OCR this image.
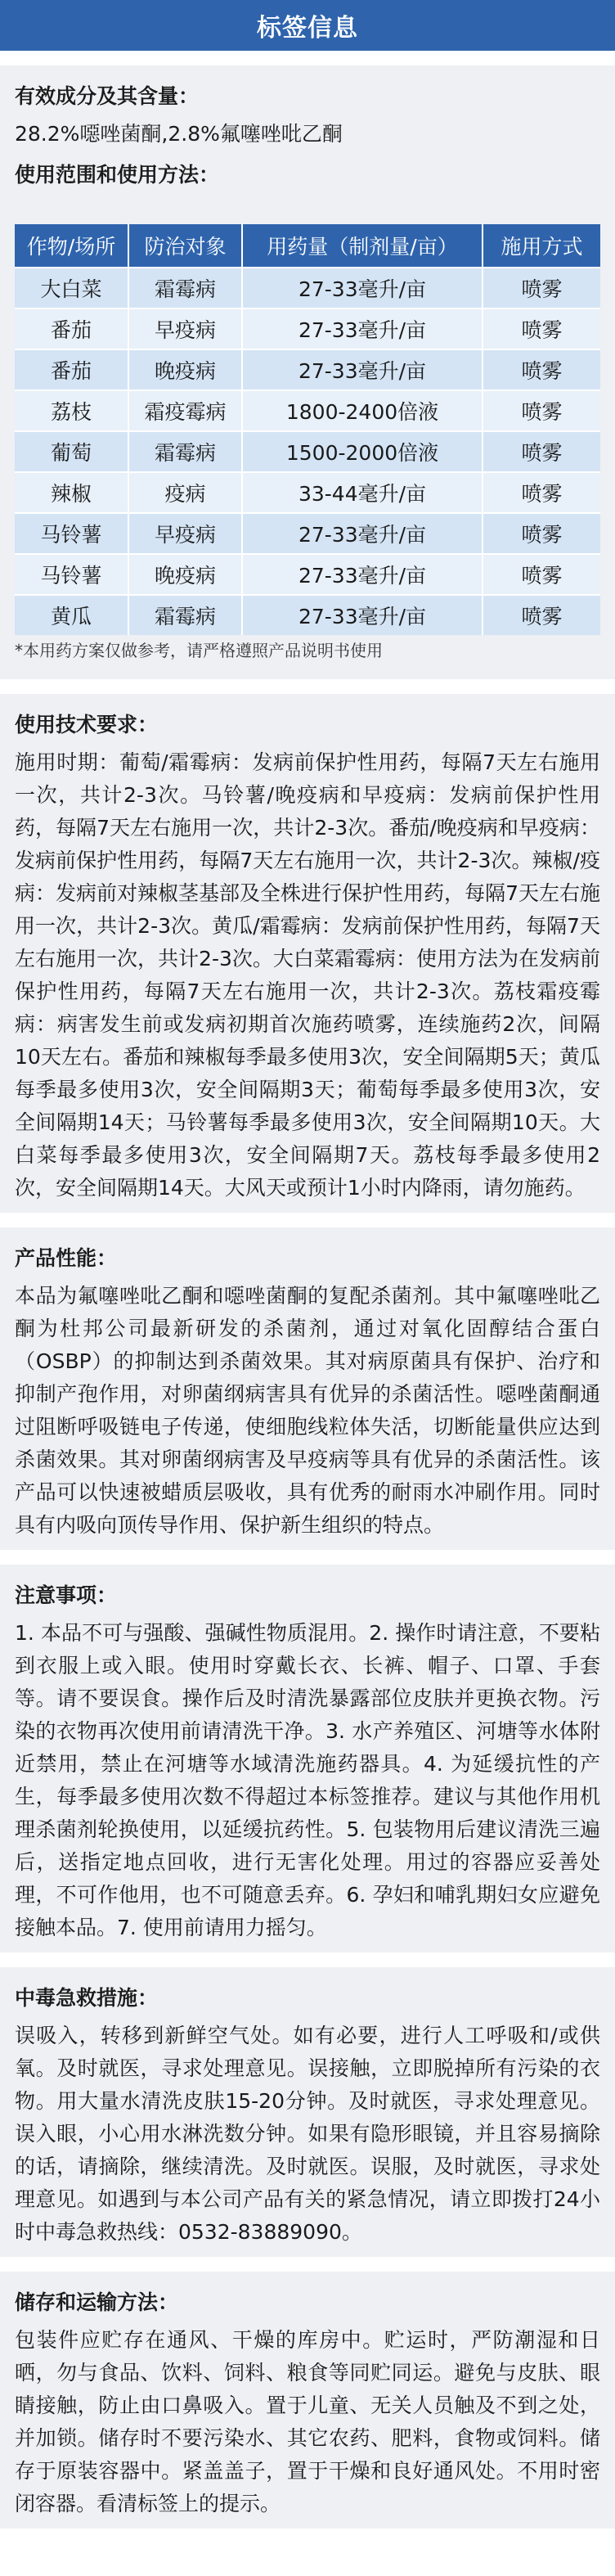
标签信息
有效成分及其含量：
28.2%噁唑菌酮,2.8%氟噻唑吡乙酮
使用范围和使用方法：
作物/场所	防治对象	用药量（制剂量/亩）	施用方式
大白菜	霜霉病	27-33毫升/亩	喷雾
番茄	早疫病	27-33毫升/亩	喷雾
番茄	晚疫病	27-33毫升/亩	喷雾
荔枝	霜疫霉病	1800-2400倍液	喷雾
葡萄	霜霉病	1500-2000倍液	喷雾
辣椒	疫病	33-44毫升/亩	喷雾
马铃薯	早疫病	27-33毫升/亩	喷雾
马铃薯	晚疫病	27-33毫升/亩	喷雾
黄瓜	霜霉病	27-33毫升/亩	喷雾
*本用药方案仅做参考，请严格遵照产品说明书使用
使用技术要求：
施用时期：葡萄/霜霉病：发病前保护性用药，每隔7天左右施用一次，共计2-3次。马铃薯/晚疫病和早疫病：发病前保护性用药，每隔7天左右施用一次，共计2-3次。番茄/晚疫病和早疫病：发病前保护性用药，每隔7天左右施用一次，共计2-3次。辣椒/疫病：发病前对辣椒茎基部及全株进行保护性用药，每隔7天左右施用一次，共计2-3次。黄瓜/霜霉病：发病前保护性用药，每隔7天左右施用一次，共计2-3次。大白菜霜霉病：使用方法为在发病前保护性用药，每隔7天左右施用一次，共计2-3次。荔枝霜疫霉病：病害发生前或发病初期首次施药喷雾，连续施药2次，间隔10天左右。番茄和辣椒每季最多使用3次，安全间隔期5天；黄瓜每季最多使用3次，安全间隔期3天；葡萄每季最多使用3次，安全间隔期14天；马铃薯每季最多使用3次，安全间隔期10天。大白菜每季最多使用3次，安全间隔期7天。荔枝每季最多使用2次，安全间隔期14天。大风天或预计1小时内降雨，请勿施药。
产品性能：
本品为氟噻唑吡乙酮和噁唑菌酮的复配杀菌剂。其中氟噻唑吡乙酮为杜邦公司最新研发的杀菌剂，通过对氧化固醇结合蛋白（OSBP）的抑制达到杀菌效果。其对病原菌具有保护、治疗和抑制产孢作用，对卵菌纲病害具有优异的杀菌活性。噁唑菌酮通过阻断呼吸链电子传递，使细胞线粒体失活，切断能量供应达到杀菌效果。其对卵菌纲病害及早疫病等具有优异的杀菌活性。该产品可以快速被蜡质层吸收，具有优秀的耐雨水冲刷作用。同时具有内吸向顶传导作用、保护新生组织的特点。
注意事项：
1. 本品不可与强酸、强碱性物质混用。2. 操作时请注意，不要粘到衣服上或入眼。使用时穿戴长衣、长裤、帽子、口罩、手套等。请不要误食。操作后及时清洗暴露部位皮肤并更换衣物。污染的衣物再次使用前请清洗干净。3. 水产养殖区、河塘等水体附近禁用，禁止在河塘等水域清洗施药器具。4. 为延缓抗性的产生，每季最多使用次数不得超过本标签推荐。建议与其他作用机理杀菌剂轮换使用，以延缓抗药性。5. 包装物用后建议清洗三遍后，送指定地点回收，进行无害化处理。用过的容器应妥善处理，不可作他用，也不可随意丢弃。6. 孕妇和哺乳期妇女应避免接触本品。7. 使用前请用力摇匀。
中毒急救措施：
误吸入，转移到新鲜空气处。如有必要，进行人工呼吸和/或供氧。及时就医，寻求处理意见。误接触，立即脱掉所有污染的衣物。用大量水清洗皮肤15-20分钟。及时就医，寻求处理意见。误入眼，小心用水淋洗数分钟。如果有隐形眼镜，并且容易摘除的话，请摘除，继续清洗。及时就医。误服，及时就医，寻求处理意见。如遇到与本公司产品有关的紧急情况，请立即拨打24小时中毒急救热线：0532-83889090。
储存和运输方法：
包装件应贮存在通风、干燥的库房中。贮运时，严防潮湿和日晒，勿与食品、饮料、饲料、粮食等同贮同运。避免与皮肤、眼睛接触，防止由口鼻吸入。置于儿童、无关人员触及不到之处，并加锁。储存时不要污染水、其它农药、肥料，食物或饲料。储存于原装容器中。紧盖盖子，置于干燥和良好通风处。不用时密闭容器。看清标签上的提示。
